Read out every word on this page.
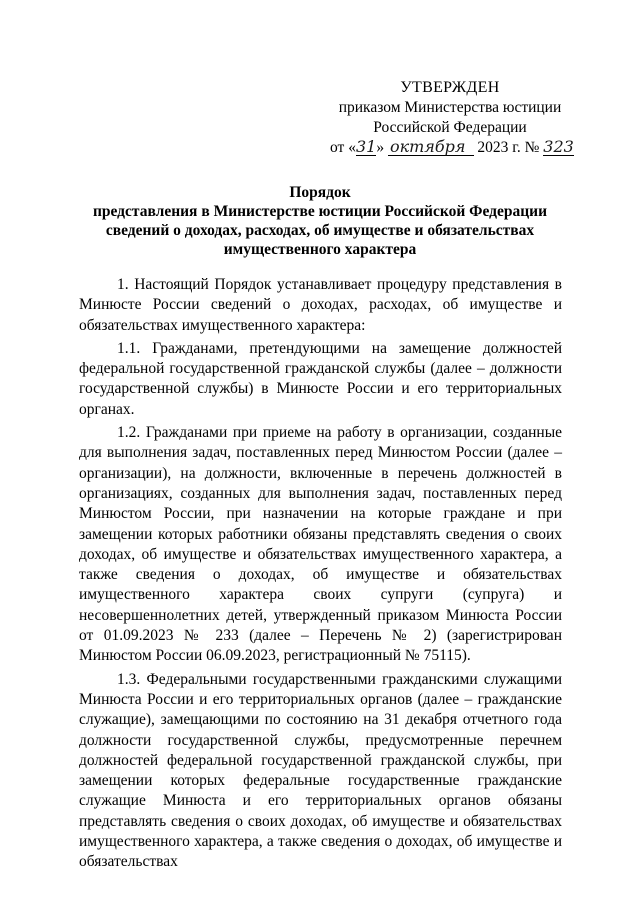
УТВЕРЖДЕН
приказом Министерства юстиции
Российской Федерации
от «31» октября 2023 г. № 323
Порядок
представления в Министерстве юстиции Российской Федерации
сведений о доходах, расходах, об имуществе и обязательствах
имущественного характера

1. Настоящий Порядок устанавливает процедуру представления в Минюсте России сведений о доходах, расходах, об имуществе и обязательствах имущественного характера:

1.1. Гражданами, претендующими на замещение должностей федеральной государственной гражданской службы (далее – должности государственной службы) в Минюсте России и его территориальных органах.

1.2. Гражданами при приеме на работу в организации, созданные для выполнения задач, поставленных перед Минюстом России (далее – организации), на должности, включенные в перечень должностей в организациях, созданных для выполнения задач, поставленных перед Минюстом России, при назначении на которые граждане и при замещении которых работники обязаны представлять сведения о своих доходах, об имуществе и обязательствах имущественного характера, а также сведения о доходах, об имуществе и обязательствах имущественного характера своих супруги (супруга) и несовершеннолетних детей, утвержденный приказом Минюста России от 01.09.2023 № 233 (далее – Перечень № 2) (зарегистрирован Минюстом России 06.09.2023, регистрационный № 75115).

1.3. Федеральными государственными гражданскими служащими Минюста России и его территориальных органов (далее – гражданские служащие), замещающими по состоянию на 31 декабря отчетного года должности государственной службы, предусмотренные перечнем должностей федеральной государственной гражданской службы, при замещении которых федеральные государственные гражданские служащие Минюста и его территориальных органов обязаны представлять сведения о своих доходах, об имуществе и обязательствах имущественного характера, а также сведения о доходах, об имуществе и обязательствах
